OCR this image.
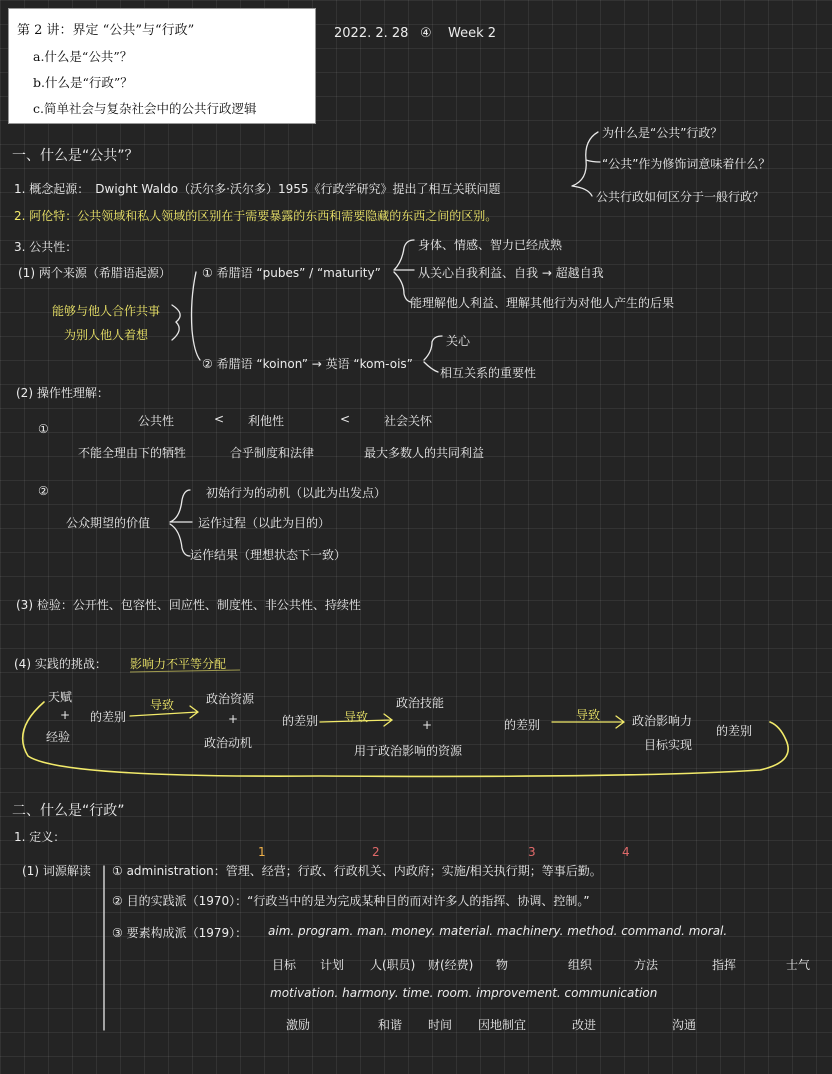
第 2 讲：界定 “公共”与“行政”
a.什么是“公共”？
b.什么是“行政”？
c.简单社会与复杂社会中的公共行政逻辑
2022. 2. 28 ④ Week 2
一、什么是“公共”？
为什么是“公共”行政？
“公共”作为修饰词意味着什么？
公共行政如何区分于一般行政？
1. 概念起源：　Dwight Waldo（沃尔多·沃尔多）1955《行政学研究》提出了相互关联问题
2. 阿伦特：公共领域和私人领域的区别在于需要暴露的东西和需要隐藏的东西之间的区别。
3. 公共性：
(1) 两个来源（希腊语起源）	① 希腊语 “pubes” / “maturity”
身体、情感、智力已经成熟
从关心自我利益、自我 → 超越自我
能理解他人利益、理解其他行为对他人产生的后果
能够与他人合作共事
为别人他人着想
② 希腊语 “koinon” → 英语 “kom-ois”
关心
相互关系的重要性
(2) 操作性理解：
①
公共性	< 利他性	<	社会关怀
不能全理由下的牺牲	合乎制度和法律	最大多数人的共同利益
②
公众期望的价值
初始行为的动机（以此为出发点）
运作过程（以此为目的）
运作结果（理想状态下一致）
(3) 检验：公开性、包容性、回应性、制度性、非公共性、持续性
(4) 实践的挑战： 影响力不平等分配
天赋
+
经验
的差别
导致	政治资源
+
政治动机
的差别 导致
政治技能
+
用于政治影响的资源
的差别
导致	政治影响力
目标实现
的差别
二、什么是“行政”
1. 定义：
(1) 词源解读
1	2	3	4
① administration：管理、经营；行政、行政机关、内政府；实施/相关执行期；等事后勤。
② 目的实践派（1970）：“行政当中的是为完成某种目的而对许多人的指挥、协调、控制。”
③ 要素构成派（1979）： aim. program. man. money. material. machinery. method. command. moral.
目标 计划 人(职员) 财(经费) 物	组织	方法	指挥	士气
motivation. harmony. time. room. improvement. communication
激励	和谐 时间 因地制宜	改进	沟通
